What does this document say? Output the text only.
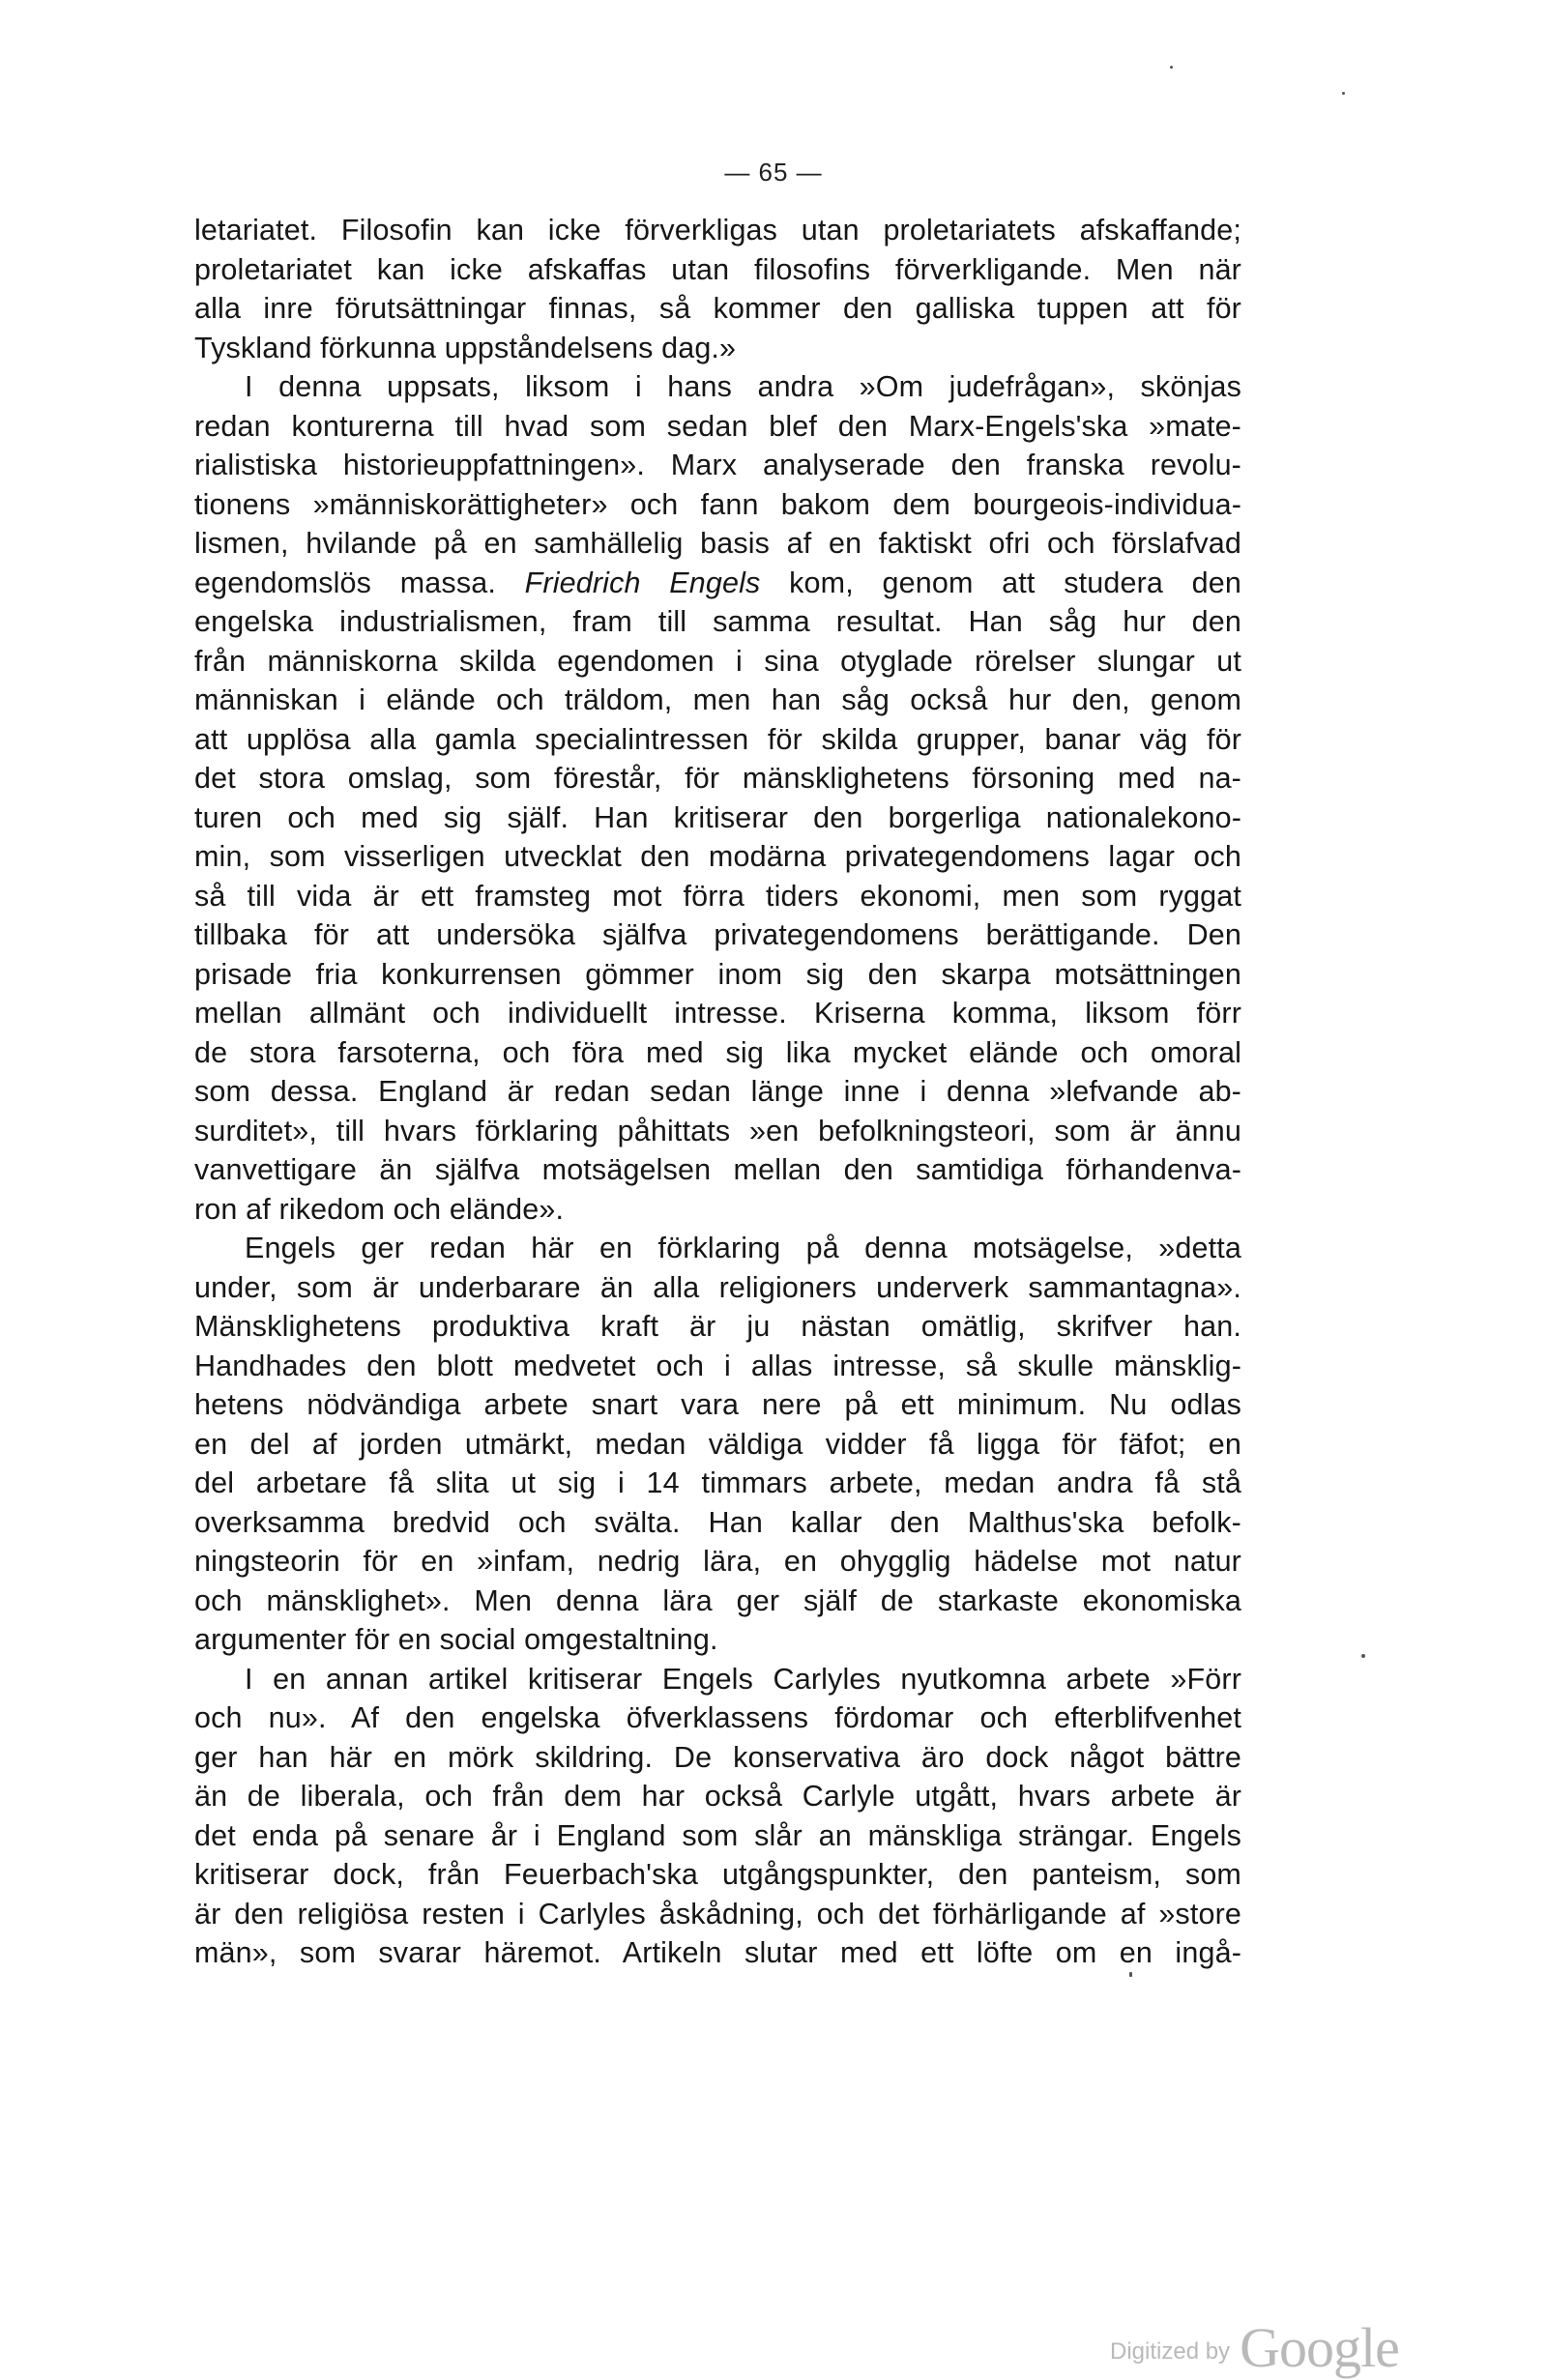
— 65 —
letariatet. Filosofin kan icke förverkligas utan proletariatets afskaffande;
proletariatet kan icke afskaffas utan filosofins förverkligande. Men när
alla inre förutsättningar finnas, så kommer den galliska tuppen att för
Tyskland förkunna uppståndelsens dag.»
I denna uppsats, liksom i hans andra »Om judefrågan», skönjas
redan konturerna till hvad som sedan blef den Marx-Engels'ska »mate-
rialistiska historieuppfattningen». Marx analyserade den franska revolu-
tionens »människorättigheter» och fann bakom dem bourgeois-individua-
lismen, hvilande på en samhällelig basis af en faktiskt ofri och förslafvad
egendomslös massa. Friedrich Engels kom, genom att studera den
engelska industrialismen, fram till samma resultat. Han såg hur den
från människorna skilda egendomen i sina otyglade rörelser slungar ut
människan i elände och träldom, men han såg också hur den, genom
att upplösa alla gamla specialintressen för skilda grupper, banar väg för
det stora omslag, som förestår, för mänsklighetens försoning med na-
turen och med sig själf. Han kritiserar den borgerliga nationalekono-
min, som visserligen utvecklat den modärna privategendomens lagar och
så till vida är ett framsteg mot förra tiders ekonomi, men som ryggat
tillbaka för att undersöka själfva privategendomens berättigande. Den
prisade fria konkurrensen gömmer inom sig den skarpa motsättningen
mellan allmänt och individuellt intresse. Kriserna komma, liksom förr
de stora farsoterna, och föra med sig lika mycket elände och omoral
som dessa. England är redan sedan länge inne i denna »lefvande ab-
surditet», till hvars förklaring påhittats »en befolkningsteori, som är ännu
vanvettigare än själfva motsägelsen mellan den samtidiga förhandenva-
ron af rikedom och elände».
Engels ger redan här en förklaring på denna motsägelse, »detta
under, som är underbarare än alla religioners underverk sammantagna».
Mänsklighetens produktiva kraft är ju nästan omätlig, skrifver han.
Handhades den blott medvetet och i allas intresse, så skulle mänsklig-
hetens nödvändiga arbete snart vara nere på ett minimum. Nu odlas
en del af jorden utmärkt, medan väldiga vidder få ligga för fäfot; en
del arbetare få slita ut sig i 14 timmars arbete, medan andra få stå
overksamma bredvid och svälta. Han kallar den Malthus'ska befolk-
ningsteorin för en »infam, nedrig lära, en ohygglig hädelse mot natur
och mänsklighet». Men denna lära ger själf de starkaste ekonomiska
argumenter för en social omgestaltning.
I en annan artikel kritiserar Engels Carlyles nyutkomna arbete »Förr
och nu». Af den engelska öfverklassens fördomar och efterblifvenhet
ger han här en mörk skildring. De konservativa äro dock något bättre
än de liberala, och från dem har också Carlyle utgått, hvars arbete är
det enda på senare år i England som slår an mänskliga strängar. Engels
kritiserar dock, från Feuerbach'ska utgångspunkter, den panteism, som
är den religiösa resten i Carlyles åskådning, och det förhärligande af »store
män», som svarar häremot. Artikeln slutar med ett löfte om en ingå-
Digitized by Google
